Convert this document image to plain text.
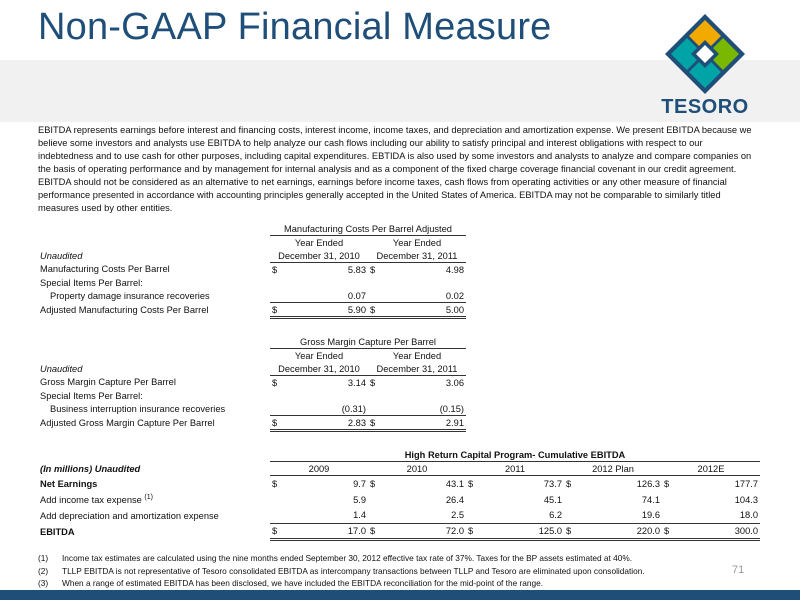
Non-GAAP Financial Measure
TESORO
EBITDA represents earnings before interest and financing costs, interest income, income taxes, and depreciation and amortization expense. We present EBITDA because we believe some investors and analysts use EBITDA to help analyze our cash flows including our ability to satisfy principal and interest obligations with respect to our indebtedness and to use cash for other purposes, including capital expenditures. EBTIDA is also used by some investors and analysts to analyze and compare companies on the basis of operating performance and by management for internal analysis and as a component of the fixed charge coverage financial covenant in our credit agreement. EBITDA should not be considered as an alternative to net earnings, earnings before income taxes, cash flows from operating activities or any other measure of financial performance presented in accordance with accounting principles generally accepted in the United States of America. EBITDA may not be comparable to similarly titled measures used by other entities.
	Manufacturing Costs Per Barrel Adjusted			
	Year Ended		Year Ended	
Unaudited	December 31, 2010		December 31, 2011	
Manufacturing Costs Per Barrel	$	5.83	$	4.98
Special Items Per Barrel:				
Property damage insurance recoveries		0.07		0.02
Adjusted Manufacturing Costs Per Barrel	$	5.90	$	5.00
	Gross Margin Capture Per Barrel			
	Year Ended		Year Ended	
Unaudited	December 31, 2010		December 31, 2011	
Gross Margin Capture Per Barrel	$	3.14	$	3.06
Special Items Per Barrel:				
Business interruption insurance recoveries		(0.31)		(0.15)
Adjusted Gross Margin Capture Per Barrel	$	2.83	$	2.91
	High Return Capital Program- Cumulative EBITDA									
(In millions) Unaudited	2009		2010		2011		2012 Plan		2012E	
Net Earnings	$	9.7	$	43.1	$	73.7	$	126.3	$	177.7
Add income tax expense $^{(1)}$		5.9		26.4		45.1		74.1		104.3
Add depreciation and amortization expense		1.4		2.5		6.2		19.6		18.0
EBITDA	$	17.0	$	72.0	$	125.0	$	220.0	$	300.0
(1)	Income tax estimates are calculated using the nine months ended September 30, 2012 effective tax rate of 37%. Taxes for the BP assets estimated at 40%.
(2)	TLLP EBITDA is not representative of Tesoro consolidated EBITDA as intercompany transactions between TLLP and Tesoro are eliminated upon consolidation.
(3)	When a range of estimated EBITDA has been disclosed, we have included the EBITDA reconciliation for the mid-point of the range.
71
